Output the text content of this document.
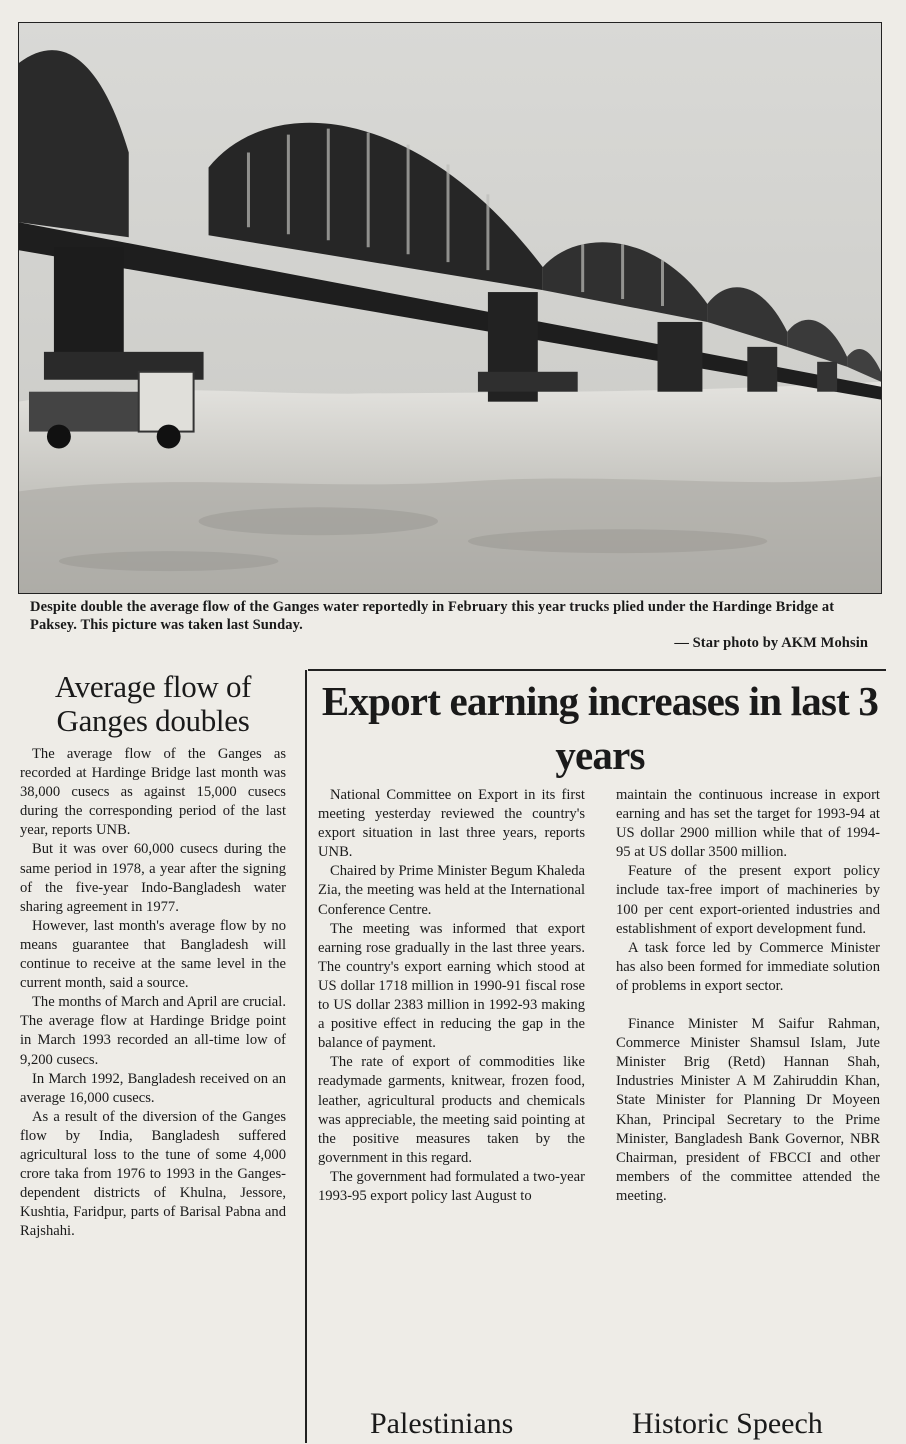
Despite double the average flow of the Ganges water reportedly in February this year trucks plied under the Hardinge Bridge at Paksey. This picture was taken last Sunday.
— Star photo by AKM Mohsin
Average flow of Ganges doubles

The average flow of the Ganges as recorded at Hardinge Bridge last month was 38,000 cusecs as against 15,000 cusecs during the corresponding period of the last year, reports UNB.

But it was over 60,000 cusecs during the same period in 1978, a year after the signing of the five-year Indo-Bangladesh water sharing agreement in 1977.

However, last month's average flow by no means guarantee that Bangladesh will continue to receive at the same level in the current month, said a source.

The months of March and April are crucial. The average flow at Hardinge Bridge point in March 1993 recorded an all-time low of 9,200 cusecs.

In March 1992, Bangladesh received on an average 16,000 cusecs.

As a result of the diversion of the Ganges flow by India, Bangladesh suffered agricultural loss to the tune of some 4,000 crore taka from 1976 to 1993 in the Ganges-dependent districts of Khulna, Jessore, Kushtia, Faridpur, parts of Barisal Pabna and Rajshahi.

Export earning increases in last 3 years

National Committee on Export in its first meeting yesterday reviewed the country's export situation in last three years, reports UNB.

Chaired by Prime Minister Begum Khaleda Zia, the meeting was held at the International Conference Centre.

The meeting was informed that export earning rose gradually in the last three years. The country's export earning which stood at US dollar 1718 million in 1990-91 fiscal rose to US dollar 2383 million in 1992-93 making a positive effect in reducing the gap in the balance of payment.

The rate of export of commodities like readymade garments, knitwear, frozen food, leather, agricultural products and chemicals was appreciable, the meeting said pointing at the positive measures taken by the government in this regard.

The government had formulated a two-year 1993-95 export policy last August to

maintain the continuous increase in export earning and has set the target for 1993-94 at US dollar 2900 million while that of 1994-95 at US dollar 3500 million.

Feature of the present export policy include tax-free import of machineries by 100 per cent export-oriented industries and establishment of export development fund.

A task force led by Commerce Minister has also been formed for immediate solution of problems in export sector.

Finance Minister M Saifur Rahman, Commerce Minister Shamsul Islam, Jute Minister Brig (Retd) Hannan Shah, Industries Minister A M Zahiruddin Khan, State Minister for Planning Dr Moyeen Khan, Principal Secretary to the Prime Minister, Bangladesh Bank Governor, NBR Chairman, president of FBCCI and other members of the committee attended the meeting.

Palestinians	Historic Speech
